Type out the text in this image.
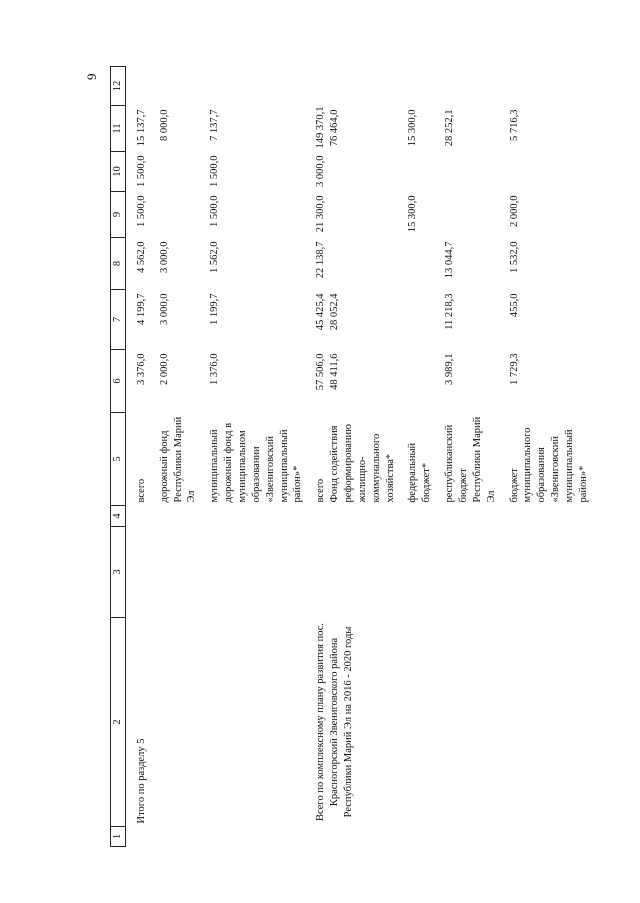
9
1	2	3	4	5	6	7	8	9	10	11	12	

	Итого по разделу 5			всего	3 376,0	4 199,7	4 562,0	1 500,0	1 500,0	15 137,7		

				дорожный фонд Республики Марий Эл	2 000,0	3 000,0	3 000,0			8 000,0		

				муниципальный дорожный фонд в муниципальном образовании «Звениговский муниципальный район»*	1 376,0	1 199,7	1 562,0	1 500,0	1 500,0	7 137,7		

	Всего по комплексному плану развития пос. Красногорский Звениговского района Республики Марий Эл на 2016 - 2020 годы			всего	57 506,0	45 425,4	22 138,7	21 300,0	3 000,0	149 370,1		
				Фонд содействия реформированию жилищно-коммунального хозяйства*	48 411,6	28 052,4				76 464,0		

				федеральный бюджет*				15 300,0		15 300,0		

				республиканский бюджет Республики Марий Эл	3 989,1	11 218,3	13 044,7			28 252,1		

				бюджет муниципального образования «Звениговский муниципальный район»*	1 729,3	455,0	1 532,0	2 000,0		5 716,3		
